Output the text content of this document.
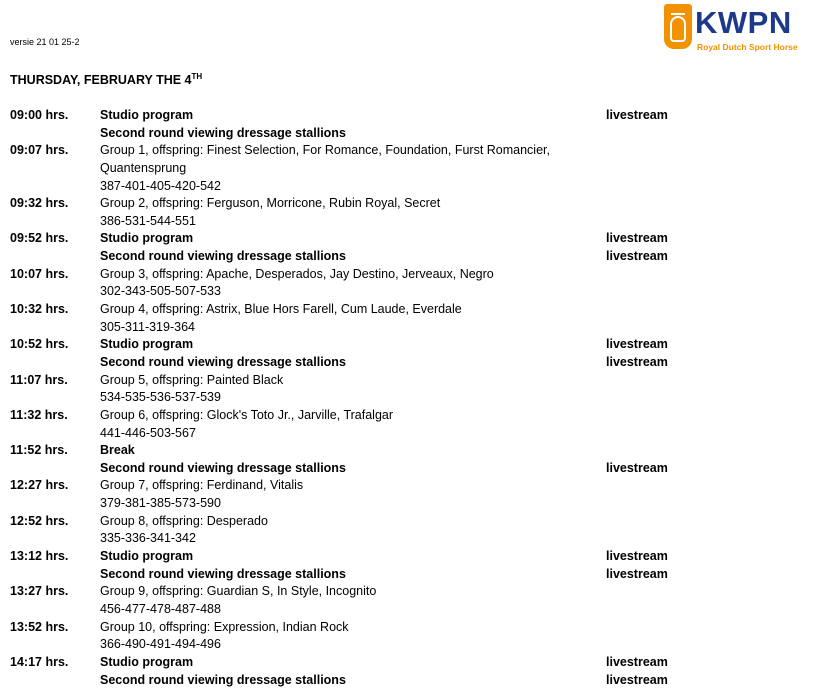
versie 21 01 25-2
KWPN
Royal Dutch Sport Horse
THURSDAY, FEBRUARY THE 4TH
09:00 hrs.	Studio program	livestream
Second round viewing dressage stallions
09:07 hrs.	Group 1, offspring: Finest Selection, For Romance, Foundation, Furst Romancier,
Quantensprung
387-401-405-420-542
09:32 hrs.	Group 2, offspring: Ferguson, Morricone, Rubin Royal, Secret
386-531-544-551
09:52 hrs.	Studio program	livestream
Second round viewing dressage stallions	livestream
10:07 hrs.	Group 3, offspring: Apache, Desperados, Jay Destino, Jerveaux, Negro
302-343-505-507-533
10:32 hrs.	Group 4, offspring: Astrix, Blue Hors Farell, Cum Laude, Everdale
305-311-319-364
10:52 hrs.	Studio program	livestream
Second round viewing dressage stallions	livestream
11:07 hrs.	Group 5, offspring: Painted Black
534-535-536-537-539
11:32 hrs.	Group 6, offspring: Glock's Toto Jr., Jarville, Trafalgar
441-446-503-567
11:52 hrs.	Break
Second round viewing dressage stallions	livestream
12:27 hrs.	Group 7, offspring: Ferdinand, Vitalis
379-381-385-573-590
12:52 hrs.	Group 8, offspring: Desperado
335-336-341-342
13:12 hrs.	Studio program	livestream
Second round viewing dressage stallions	livestream
13:27 hrs.	Group 9, offspring: Guardian S, In Style, Incognito
456-477-478-487-488
13:52 hrs.	Group 10, offspring: Expression, Indian Rock
366-490-491-494-496
14:17 hrs.	Studio program	livestream
Second round viewing dressage stallions	livestream
